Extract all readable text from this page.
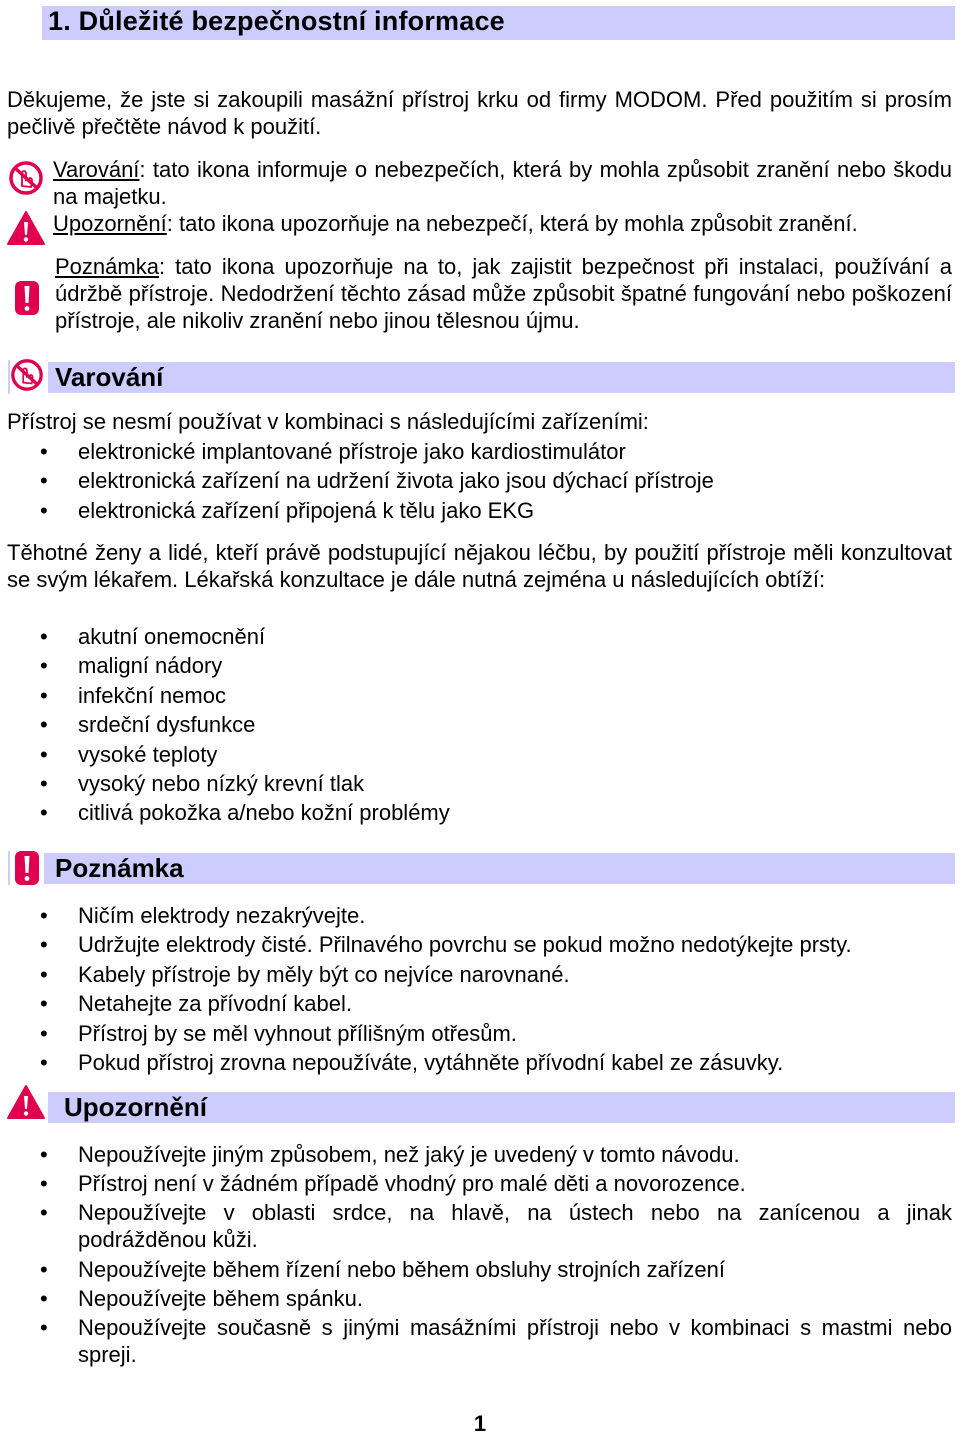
1. Důležité bezpečnostní informace

Děkujeme, že jste si zakoupili masážní přístroj krku od firmy MODOM. Před použitím si prosím pečlivě přečtěte návod k použití.

Varování: tato ikona informuje o nebezpečích, která by mohla způsobit zranění nebo škodu na majetku.

Upozornění: tato ikona upozorňuje na nebezpečí, která by mohla způsobit zranění.

Poznámka: tato ikona upozorňuje na to, jak zajistit bezpečnost při instalaci, používání a údržbě přístroje. Nedodržení těchto zásad může způsobit špatné fungování nebo poškození přístroje, ale nikoliv zranění nebo jinou tělesnou újmu.

Varování
Přístroj se nesmí používat v kombinaci s následujícími zařízeními:
• elektronické implantované přístroje jako kardiostimulátor
• elektronická zařízení na udržení života jako jsou dýchací přístroje
• elektronická zařízení připojená k tělu jako EKG

Těhotné ženy a lidé, kteří právě podstupující nějakou léčbu, by použití přístroje měli konzultovat se svým lékařem. Lékařská konzultace je dále nutná zejména u následujících obtíží:

• akutní onemocnění
• maligní nádory
• infekční nemoc
• srdeční dysfunkce
• vysoké teploty
• vysoký nebo nízký krevní tlak
• citlivá pokožka a/nebo kožní problémy
Poznámka
• Ničím elektrody nezakrývejte.
• Udržujte elektrody čisté. Přilnavého povrchu se pokud možno nedotýkejte prsty.
• Kabely přístroje by měly být co nejvíce narovnané.
• Netahejte za přívodní kabel.
• Přístroj by se měl vyhnout přílišným otřesům.
• Pokud přístroj zrovna nepoužíváte, vytáhněte přívodní kabel ze zásuvky.
Upozornění
• Nepoužívejte jiným způsobem, než jaký je uvedený v tomto návodu.
• Přístroj není v žádném případě vhodný pro malé děti a novorozence.
• Nepoužívejte v oblasti srdce, na hlavě, na ústech nebo na zanícenou a jinak podrážděnou kůži.
• Nepoužívejte během řízení nebo během obsluhy strojních zařízení
• Nepoužívejte během spánku.
• Nepoužívejte současně s jinými masážními přístroji nebo v kombinaci s mastmi nebo spreji.
1
